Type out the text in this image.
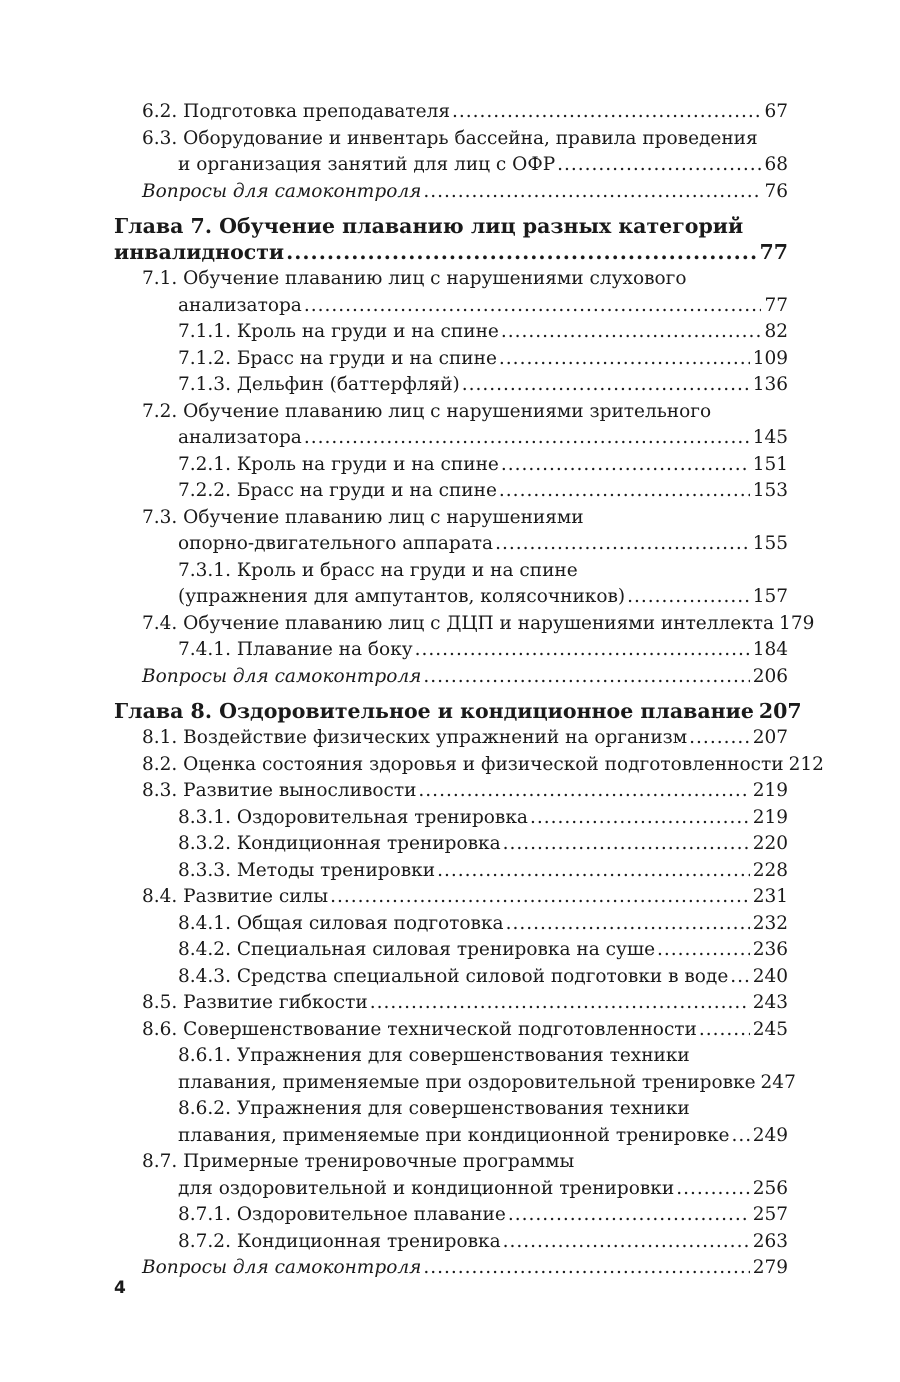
6.2. Подготовка преподавателя .....	67
6.3. Оборудование и инвентарь бассейна, правила проведения
и организация занятий для лиц с ОФР .....	68
Вопросы для самоконтроля .....	76
Глава 7. Обучение плаванию лиц разных категорий
инвалидности .....	77
7.1. Обучение плаванию лиц с нарушениями слухового
анализатора .....	77
7.1.1. Кроль на груди и на спине .....	82
7.1.2. Брасс на груди и на спине .....	109
7.1.3. Дельфин (баттерфляй) .....	136
7.2. Обучение плаванию лиц с нарушениями зрительного
анализатора .....	145
7.2.1. Кроль на груди и на спине .....	151
7.2.2. Брасс на груди и на спине .....	153
7.3. Обучение плаванию лиц с нарушениями
опорно-двигательного аппарата .....	155
7.3.1. Кроль и брасс на груди и на спине
(упражнения для ампутантов, колясочников) .....	157
7.4. Обучение плаванию лиц с ДЦП и нарушениями интеллекта 179
7.4.1. Плавание на боку .....	184
Вопросы для самоконтроля .....	206
Глава 8. Оздоровительное и кондиционное плавание 207
8.1. Воздействие физических упражнений на организм .....	207
8.2. Оценка состояния здоровья и физической подготовленности 212
8.3. Развитие выносливости .....	219
8.3.1. Оздоровительная тренировка .....	219
8.3.2. Кондиционная тренировка .....	220
8.3.3. Методы тренировки .....	228
8.4. Развитие силы .....	231
8.4.1. Общая силовая подготовка .....	232
8.4.2. Специальная силовая тренировка на суше .....	236
8.4.3. Средства специальной силовой подготовки в воде ..... 240
8.5. Развитие гибкости .....	243
8.6. Совершенствование технической подготовленности .....	245
8.6.1. Упражнения для совершенствования техники
плавания, применяемые при оздоровительной тренировке 247
8.6.2. Упражнения для совершенствования техники
плавания, применяемые при кондиционной тренировке ..... 249
8.7. Примерные тренировочные программы
для оздоровительной и кондиционной тренировки .....	256
8.7.1. Оздоровительное плавание .....	257
8.7.2. Кондиционная тренировка .....	263
Вопросы для самоконтроля .....	279
4
